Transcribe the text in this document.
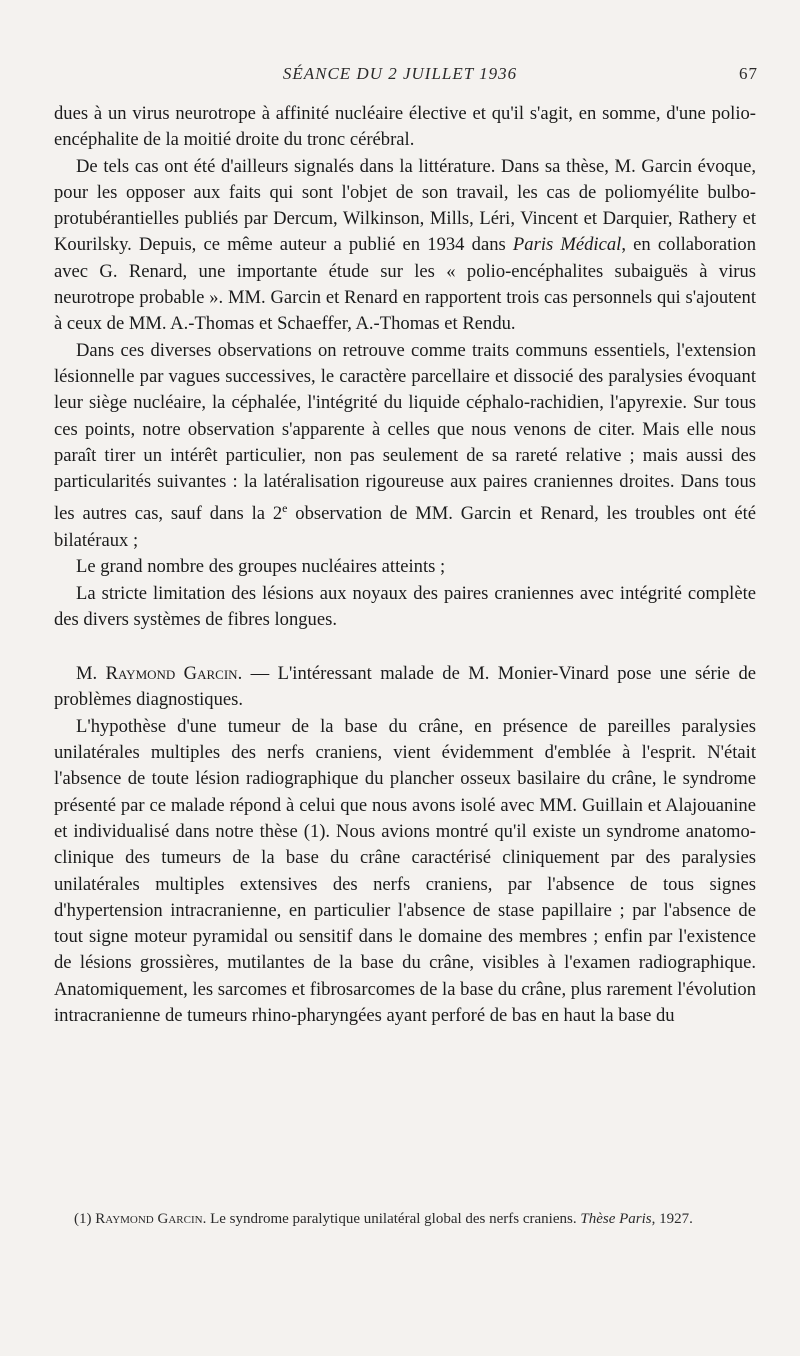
SÉANCE DU 2 JUILLET 1936	67

dues à un virus neurotrope à affinité nucléaire élective et qu'il s'agit, en somme, d'une polio-encéphalite de la moitié droite du tronc cérébral.

De tels cas ont été d'ailleurs signalés dans la littérature. Dans sa thèse, M. Garcin évoque, pour les opposer aux faits qui sont l'objet de son travail, les cas de poliomyélite bulbo-protubérantielles publiés par Dercum, Wilkinson, Mills, Léri, Vincent et Darquier, Rathery et Kourilsky. Depuis, ce même auteur a publié en 1934 dans Paris Médical, en collaboration avec G. Renard, une importante étude sur les « polio-encéphalites subaiguës à virus neurotrope probable ». MM. Garcin et Renard en rapportent trois cas personnels qui s'ajoutent à ceux de MM. A.-Thomas et Schaeffer, A.-Thomas et Rendu.

Dans ces diverses observations on retrouve comme traits communs essentiels, l'extension lésionnelle par vagues successives, le caractère parcellaire et dissocié des paralysies évoquant leur siège nucléaire, la céphalée, l'intégrité du liquide céphalo-rachidien, l'apyrexie. Sur tous ces points, notre observation s'apparente à celles que nous venons de citer. Mais elle nous paraît tirer un intérêt particulier, non pas seulement de sa rareté relative ; mais aussi des particularités suivantes : la latéralisation rigoureuse aux paires craniennes droites. Dans tous les autres cas, sauf dans la 2e observation de MM. Garcin et Renard, les troubles ont été bilatéraux ;

Le grand nombre des groupes nucléaires atteints ;

La stricte limitation des lésions aux noyaux des paires craniennes avec intégrité complète des divers systèmes de fibres longues.

M. Raymond Garcin. — L'intéressant malade de M. Monier-Vinard pose une série de problèmes diagnostiques.

L'hypothèse d'une tumeur de la base du crâne, en présence de pareilles paralysies unilatérales multiples des nerfs craniens, vient évidemment d'emblée à l'esprit. N'était l'absence de toute lésion radiographique du plancher osseux basilaire du crâne, le syndrome présenté par ce malade répond à celui que nous avons isolé avec MM. Guillain et Alajouanine et individualisé dans notre thèse (1). Nous avions montré qu'il existe un syndrome anatomo-clinique des tumeurs de la base du crâne caractérisé cliniquement par des paralysies unilatérales multiples extensives des nerfs craniens, par l'absence de tous signes d'hypertension intracranienne, en particulier l'absence de stase papillaire ; par l'absence de tout signe moteur pyramidal ou sensitif dans le domaine des membres ; enfin par l'existence de lésions grossières, mutilantes de la base du crâne, visibles à l'examen radiographique. Anatomiquement, les sarcomes et fibrosarcomes de la base du crâne, plus rarement l'évolution intracranienne de tumeurs rhino-pharyngées ayant perforé de bas en haut la base du

(1) Raymond Garcin. Le syndrome paralytique unilatéral global des nerfs craniens. Thèse Paris, 1927.
